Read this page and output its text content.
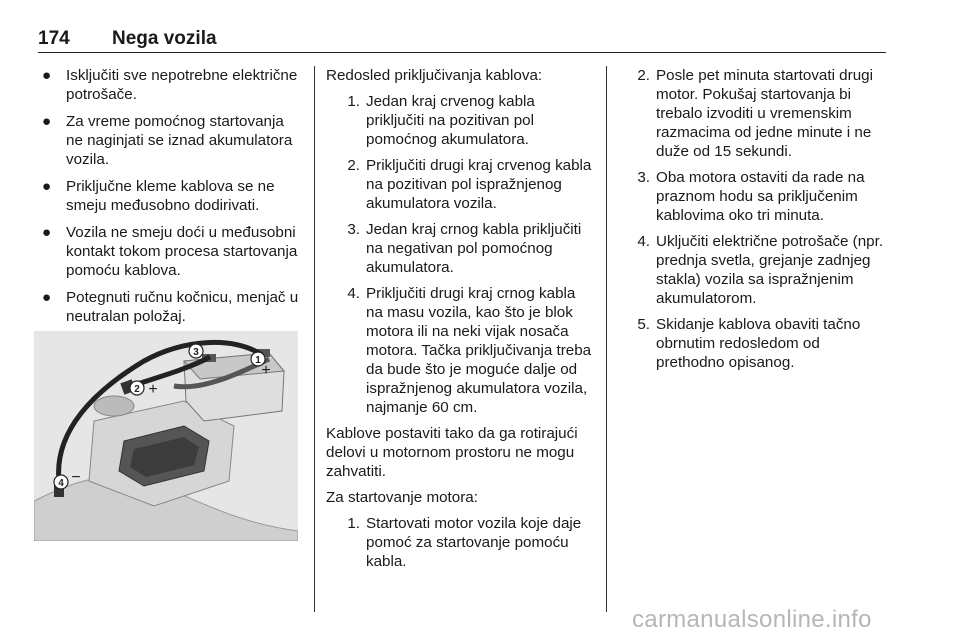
174 Nega vozila
● Isključiti sve nepotrebne električne potrošače.
● Za vreme pomoćnog startovanja ne naginjati se iznad akumulatora vozila.
● Priključne kleme kablova se ne smeju međusobno dodirivati.
● Vozila ne smeju doći u međusobni kontakt tokom procesa startovanja pomoću kablova.
● Potegnuti ručnu kočnicu, menjač u neutralan položaj.
3
−	1
+
2 +
4 −

Redosled priključivanja kablova:

1. Jedan kraj crvenog kabla priključiti na pozitivan pol pomoćnog akumulatora.
2. Priključiti drugi kraj crvenog kabla na pozitivan pol ispražnjenog akumulatora vozila.
3. Jedan kraj crnog kabla priključiti na negativan pol pomoćnog akumulatora.
4. Priključiti drugi kraj crnog kabla na masu vozila, kao što je blok motora ili na neki vijak nosača motora. Tačka priključivanja treba da bude što je moguće dalje od ispražnjenog akumulatora vozila, najmanje 60 cm.

Kablove postaviti tako da ga rotirajući delovi u motornom prostoru ne mogu zahvatiti.

Za startovanje motora:

1. Startovati motor vozila koje daje pomoć za startovanje pomoću kabla.
2. Posle pet minuta startovati drugi motor. Pokušaj startovanja bi trebalo izvoditi u vremenskim razmacima od jedne minute i ne duže od 15 sekundi.
3. Oba motora ostaviti da rade na praznom hodu sa priključenim kablovima oko tri minuta.
4. Uključiti električne potrošače (npr. prednja svetla, grejanje zadnjeg stakla) vozila sa ispražnjenim akumulatorom.
5. Skidanje kablova obaviti tačno obrnutim redosledom od prethodno opisanog.
carmanualsonline.info
